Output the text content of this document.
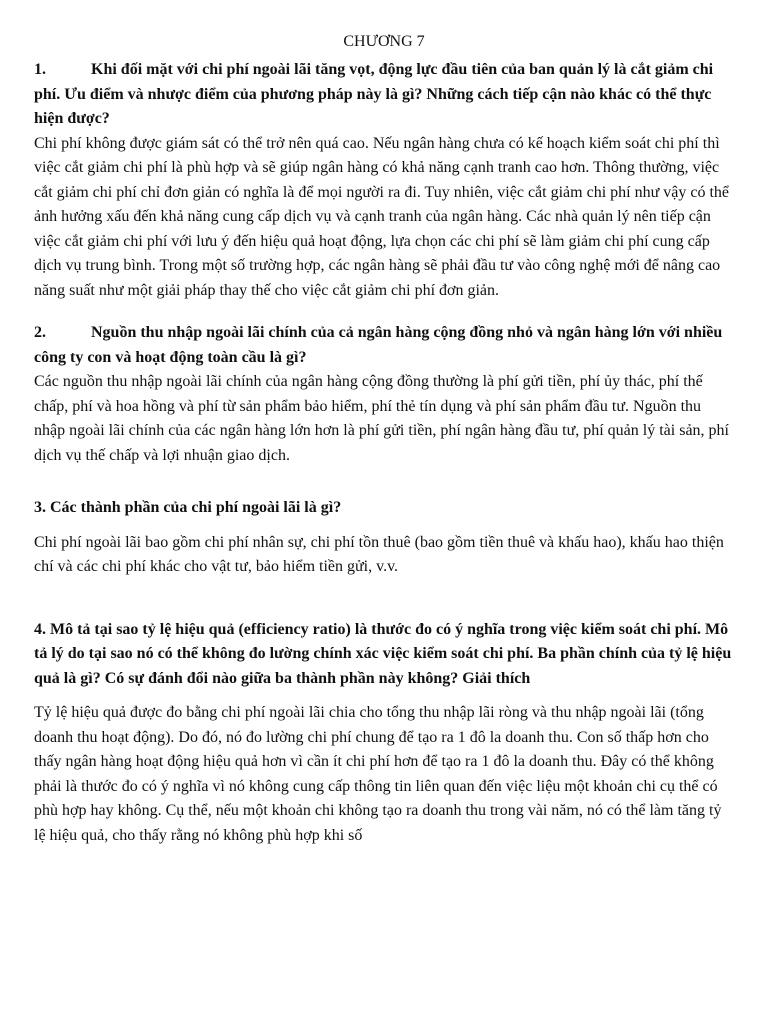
CHƯƠNG 7

1.	Khi đối mặt với chi phí ngoài lãi tăng vọt, động lực đầu tiên của ban quản lý là cắt giảm chi phí. Ưu điểm và nhược điểm của phương pháp này là gì? Những cách tiếp cận nào khác có thể thực hiện được?

Chi phí không được giám sát có thể trở nên quá cao. Nếu ngân hàng chưa có kế hoạch kiểm soát chi phí thì việc cắt giảm chi phí là phù hợp và sẽ giúp ngân hàng có khả năng cạnh tranh cao hơn. Thông thường, việc cắt giảm chi phí chỉ đơn giản có nghĩa là để mọi người ra đi. Tuy nhiên, việc cắt giảm chi phí như vậy có thể ảnh hưởng xấu đến khả năng cung cấp dịch vụ và cạnh tranh của ngân hàng. Các nhà quản lý nên tiếp cận việc cắt giảm chi phí với lưu ý đến hiệu quả hoạt động, lựa chọn các chi phí sẽ làm giảm chi phí cung cấp dịch vụ trung bình. Trong một số trường hợp, các ngân hàng sẽ phải đầu tư vào công nghệ mới để nâng cao năng suất như một giải pháp thay thế cho việc cắt giảm chi phí đơn giản.

2.	Nguồn thu nhập ngoài lãi chính của cả ngân hàng cộng đồng nhỏ và ngân hàng lớn với nhiều công ty con và hoạt động toàn cầu là gì?

Các nguồn thu nhập ngoài lãi chính của ngân hàng cộng đồng thường là phí gửi tiền, phí ủy thác, phí thế chấp, phí và hoa hồng và phí từ sản phẩm bảo hiểm, phí thẻ tín dụng và phí sản phẩm đầu tư. Nguồn thu nhập ngoài lãi chính của các ngân hàng lớn hơn là phí gửi tiền, phí ngân hàng đầu tư, phí quản lý tài sản, phí dịch vụ thế chấp và lợi nhuận giao dịch.

3. Các thành phần của chi phí ngoài lãi là gì?

Chi phí ngoài lãi bao gồm chi phí nhân sự, chi phí tồn thuê (bao gồm tiền thuê và khấu hao), khấu hao thiện chí và các chi phí khác cho vật tư, bảo hiểm tiền gửi, v.v.

4. Mô tả tại sao tỷ lệ hiệu quả (efficiency ratio) là thước đo có ý nghĩa trong việc kiểm soát chi phí. Mô tả lý do tại sao nó có thể không đo lường chính xác việc kiểm soát chi phí. Ba phần chính của tỷ lệ hiệu quả là gì? Có sự đánh đổi nào giữa ba thành phần này không? Giải thích

Tỷ lệ hiệu quả được đo bằng chi phí ngoài lãi chia cho tổng thu nhập lãi ròng và thu nhập ngoài lãi (tổng doanh thu hoạt động). Do đó, nó đo lường chi phí chung để tạo ra 1 đô la doanh thu. Con số thấp hơn cho thấy ngân hàng hoạt động hiệu quả hơn vì cần ít chi phí hơn để tạo ra 1 đô la doanh thu. Đây có thể không phải là thước đo có ý nghĩa vì nó không cung cấp thông tin liên quan đến việc liệu một khoản chi cụ thể có phù hợp hay không. Cụ thể, nếu một khoản chi không tạo ra doanh thu trong vài năm, nó có thể làm tăng tỷ lệ hiệu quả, cho thấy rằng nó không phù hợp khi số
